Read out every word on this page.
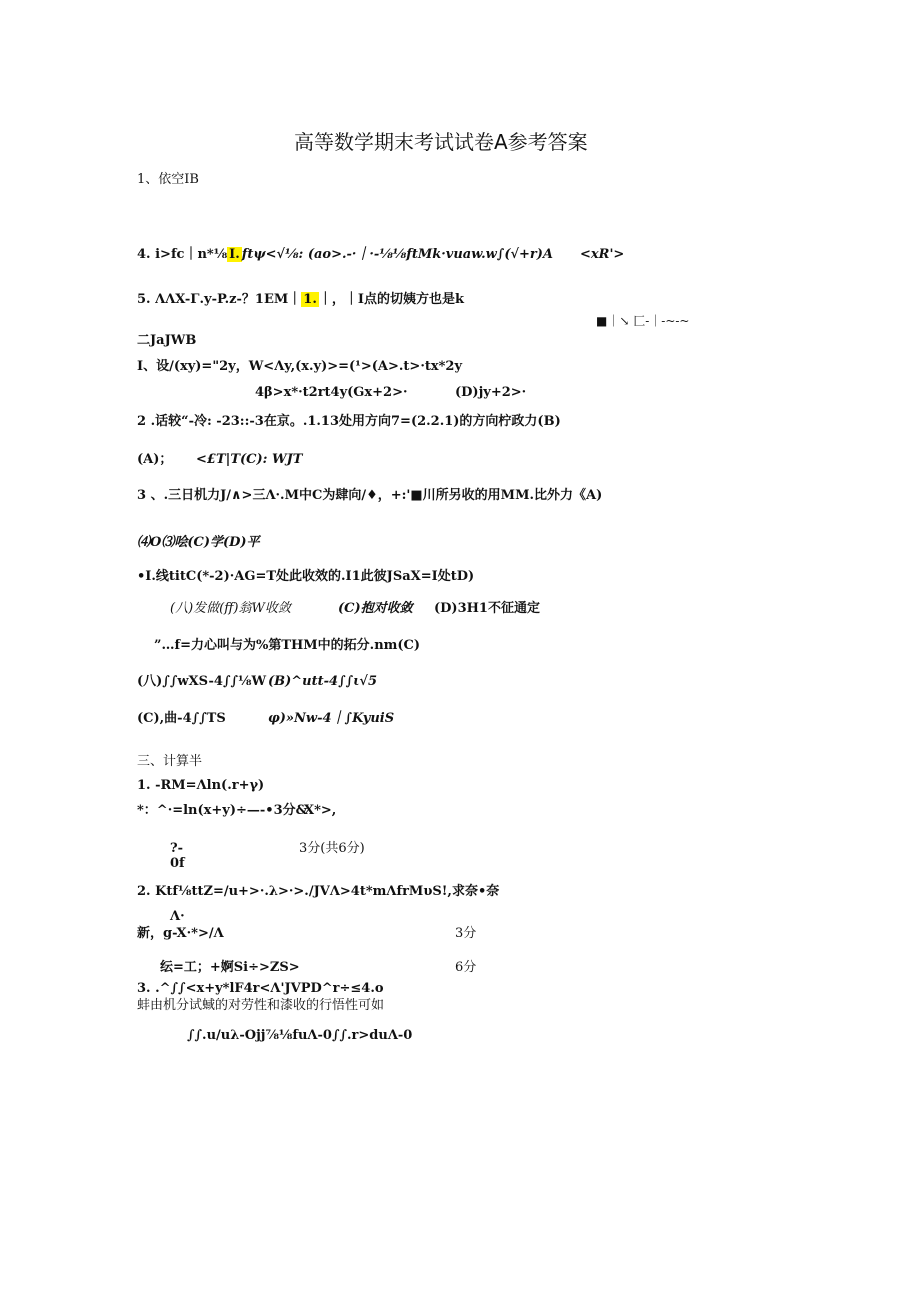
高等数学期末考试试卷A参考答案
1、依空IB
4. i>fc｜n*⅛ I. ftψ<√⅛: (ao>.-·｜·-⅛⅛ftMk·vuaw.w∫(√+r)A <xR'>
5. ΛΛX-Γ.y-P.z-？1EM｜ 1. ｜，｜I点的切姨方也是k
■｜↘ 匚-｜-~-~
二JaJWB
I、设/(xy)="2y，W<Λy,(x.y)>=(¹>(A>.t>·tx*2y
4β>x*·t2rt4y(Gx+2>·	(D)jy+2>·
2 .话较“-冷: -23::-3在京。.1.13处用方向7=(2.2.1)的方向柠政力(B)
(A)； <£T|T(C): WJT
3 、.三日机力J∕∧>三Λ·.M中C为肆向/♦，+:'■川所另收的用MM.比外力《A)
⑷O⑶哙(C)学(D)平
•I.线titC(*-2)·AG=T处此收效的.I1此彼JSaX=I处tD)
(八)发做(ff)翁W收敛	(C)抱对收敛 (D)3H1不征通定
”…f=力心叫与为%第THM中的拓分.nm(C)
(八)∫∫wXS-4∫∫⅛W (B)^utt-4∫∫ι√5
(C),曲-4∫∫TS	φ)»Nw-4｜∫KyuiS
三、计算半
1. -RM=Λln(.r+γ)
*：^·=ln(x+y)÷—-•3分&
X*>,
?-	3分(共6分)
0f
2. Ktf⅛ttZ=∕u+>·.λ>·>./JVΛ>4t*mΛfrMυS!,求奈•奈
Λ·
新，g-X·*>∕Λ	3分
纭=工；+婀Si÷>ZS>	6分
3. .^∫∫<x+y*lF4r<Λ'JVPD^r÷≤4.o
蚌由机分试蜮的对劳性和漆收的行悟性可如
∫∫.u∕uλ-Ojj⅞⅛fuΛ-0∫∫.r>duΛ-0
